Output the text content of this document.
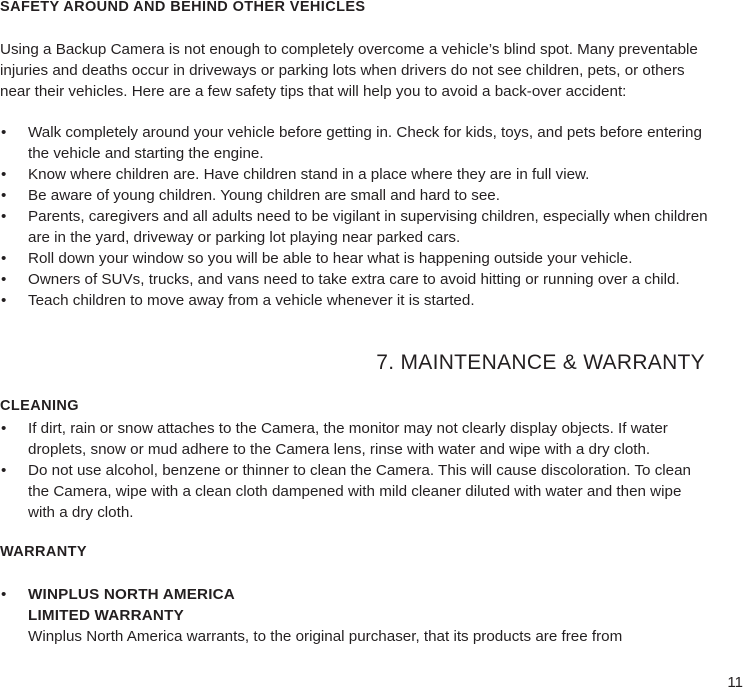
SAFETY AROUND AND BEHIND OTHER VEHICLES

Using a Backup Camera is not enough to completely overcome a vehicle’s blind spot. Many preventable injuries and deaths occur in driveways or parking lots when drivers do not see children, pets, or others near their vehicles. Here are a few safety tips that will help you to avoid a back-over accident:

•	Walk completely around your vehicle before getting in. Check for kids, toys, and pets before entering the vehicle and starting the engine.
•	Know where children are. Have children stand in a place where they are in full view.
•	Be aware of young children. Young children are small and hard to see.
•	Parents, caregivers and all adults need to be vigilant in supervising children, especially when children are in the yard, driveway or parking lot playing near parked cars.
•	Roll down your window so you will be able to hear what is happening outside your vehicle.
•	Owners of SUVs, trucks, and vans need to take extra care to avoid hitting or running over a child.
•	Teach children to move away from a vehicle whenever it is started.
7. MAINTENANCE & WARRANTY
CLEANING
•	If dirt, rain or snow attaches to the Camera, the monitor may not clearly display objects. If water droplets, snow or mud adhere to the Camera lens, rinse with water and wipe with a dry cloth.
•	Do not use alcohol, benzene or thinner to clean the Camera. This will cause discoloration. To clean the Camera, wipe with a clean cloth dampened with mild cleaner diluted with water and then wipe with a dry cloth.
WARRANTY
•	WINPLUS NORTH AMERICA
LIMITED WARRANTY
Winplus North America warrants, to the original purchaser, that its products are free from
11
